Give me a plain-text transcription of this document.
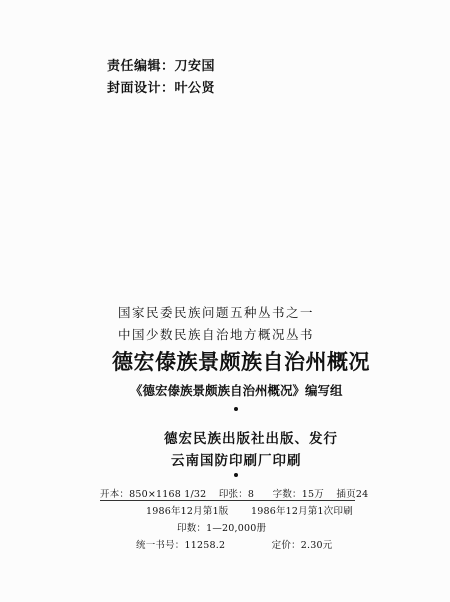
责任编辑：刀安国
封面设计：叶公贤
国家民委民族问题五种丛书之一
中国少数民族自治地方概况丛书
德宏傣族景颇族自治州概况
《德宏傣族景颇族自治州概况》编写组
德宏民族出版社出版、发行
云南国防印刷厂印刷
开本：850×1168 1/32 印张：8 字数：15万 插页24
1986年12月第1版 1986年12月第1次印刷
印数：1—20,000册
统一书号：11258.2	定价：2.30元
